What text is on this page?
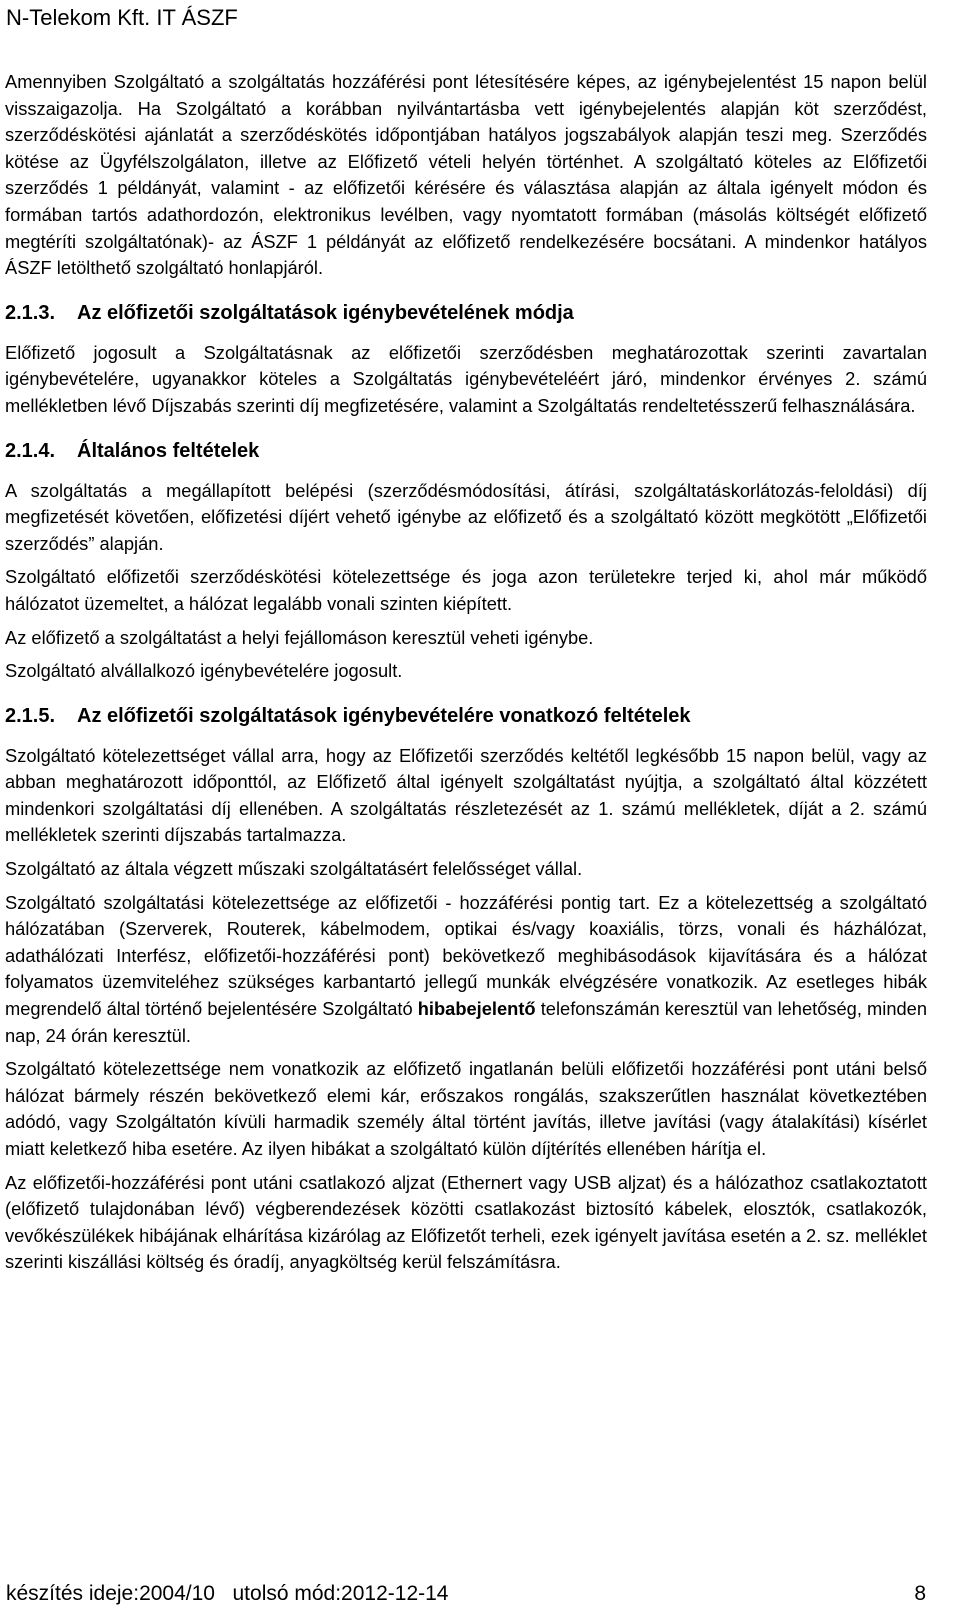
N-Telekom Kft. IT ÁSZF

Amennyiben Szolgáltató a szolgáltatás hozzáférési pont létesítésére képes, az igénybejelentést 15 napon belül visszaigazolja. Ha Szolgáltató a korábban nyilvántartásba vett igénybejelentés alapján köt szerződést, szerződéskötési ajánlatát a szerződéskötés időpontjában hatályos jogszabályok alapján teszi meg. Szerződés kötése az Ügyfélszolgálaton, illetve az Előfizető vételi helyén történhet. A szolgáltató köteles az Előfizetői szerződés 1 példányát, valamint - az előfizetői kérésére és választása alapján az általa igényelt módon és formában tartós adathordozón, elektronikus levélben, vagy nyomtatott formában (másolás költségét előfizető megtéríti szolgáltatónak)- az ÁSZF 1 példányát az előfizető rendelkezésére bocsátani. A mindenkor hatályos ÁSZF letölthető szolgáltató honlapjáról.

2.1.3. Az előfizetői szolgáltatások igénybevételének módja

Előfizető jogosult a Szolgáltatásnak az előfizetői szerződésben meghatározottak szerinti zavartalan igénybevételére, ugyanakkor köteles a Szolgáltatás igénybevételéért járó, mindenkor érvényes 2. számú mellékletben lévő Díjszabás szerinti díj megfizetésére, valamint a Szolgáltatás rendeltetésszerű felhasználására.

2.1.4. Általános feltételek

A szolgáltatás a megállapított belépési (szerződésmódosítási, átírási, szolgáltatáskorlátozás-feloldási) díj megfizetését követően, előfizetési díjért vehető igénybe az előfizető és a szolgáltató között megkötött „Előfizetői szerződés” alapján.

Szolgáltató előfizetői szerződéskötési kötelezettsége és joga azon területekre terjed ki, ahol már működő hálózatot üzemeltet, a hálózat legalább vonali szinten kiépített.

Az előfizető a szolgáltatást a helyi fejállomáson keresztül veheti igénybe.

Szolgáltató alvállalkozó igénybevételére jogosult.

2.1.5. Az előfizetői szolgáltatások igénybevételére vonatkozó feltételek

Szolgáltató kötelezettséget vállal arra, hogy az Előfizetői szerződés keltétől legkésőbb 15 napon belül, vagy az abban meghatározott időponttól, az Előfizető által igényelt szolgáltatást nyújtja, a szolgáltató által közzétett mindenkori szolgáltatási díj ellenében. A szolgáltatás részletezését az 1. számú mellékletek, díját a 2. számú mellékletek szerinti díjszabás tartalmazza.

Szolgáltató az általa végzett műszaki szolgáltatásért felelősséget vállal.

Szolgáltató szolgáltatási kötelezettsége az előfizetői - hozzáférési pontig tart. Ez a kötelezettség a szolgáltató hálózatában (Szerverek, Routerek, kábelmodem, optikai és/vagy koaxiális, törzs, vonali és házhálózat, adathálózati Interfész, előfizetői-hozzáférési pont) bekövetkező meghibásodások kijavítására és a hálózat folyamatos üzemviteléhez szükséges karbantartó jellegű munkák elvégzésére vonatkozik. Az esetleges hibák megrendelő által történő bejelentésére Szolgáltató hibabejelentő telefonszámán keresztül van lehetőség, minden nap, 24 órán keresztül.

Szolgáltató kötelezettsége nem vonatkozik az előfizető ingatlanán belüli előfizetői hozzáférési pont utáni belső hálózat bármely részén bekövetkező elemi kár, erőszakos rongálás, szakszerűtlen használat következtében adódó, vagy Szolgáltatón kívüli harmadik személy által történt javítás, illetve javítási (vagy átalakítási) kísérlet miatt keletkező hiba esetére. Az ilyen hibákat a szolgáltató külön díjtérítés ellenében hárítja el.

Az előfizetői-hozzáférési pont utáni csatlakozó aljzat (Ethernert vagy USB aljzat) és a hálózathoz csatlakoztatott (előfizető tulajdonában lévő) végberendezések közötti csatlakozást biztosító kábelek, elosztók, csatlakozók, vevőkészülékek hibájának elhárítása kizárólag az Előfizetőt terheli, ezek igényelt javítása esetén a 2. sz. melléklet szerinti kiszállási költség és óradíj, anyagköltség kerül felszámításra.

készítés ideje:2004/10 utolsó mód:2012-12-14	8
